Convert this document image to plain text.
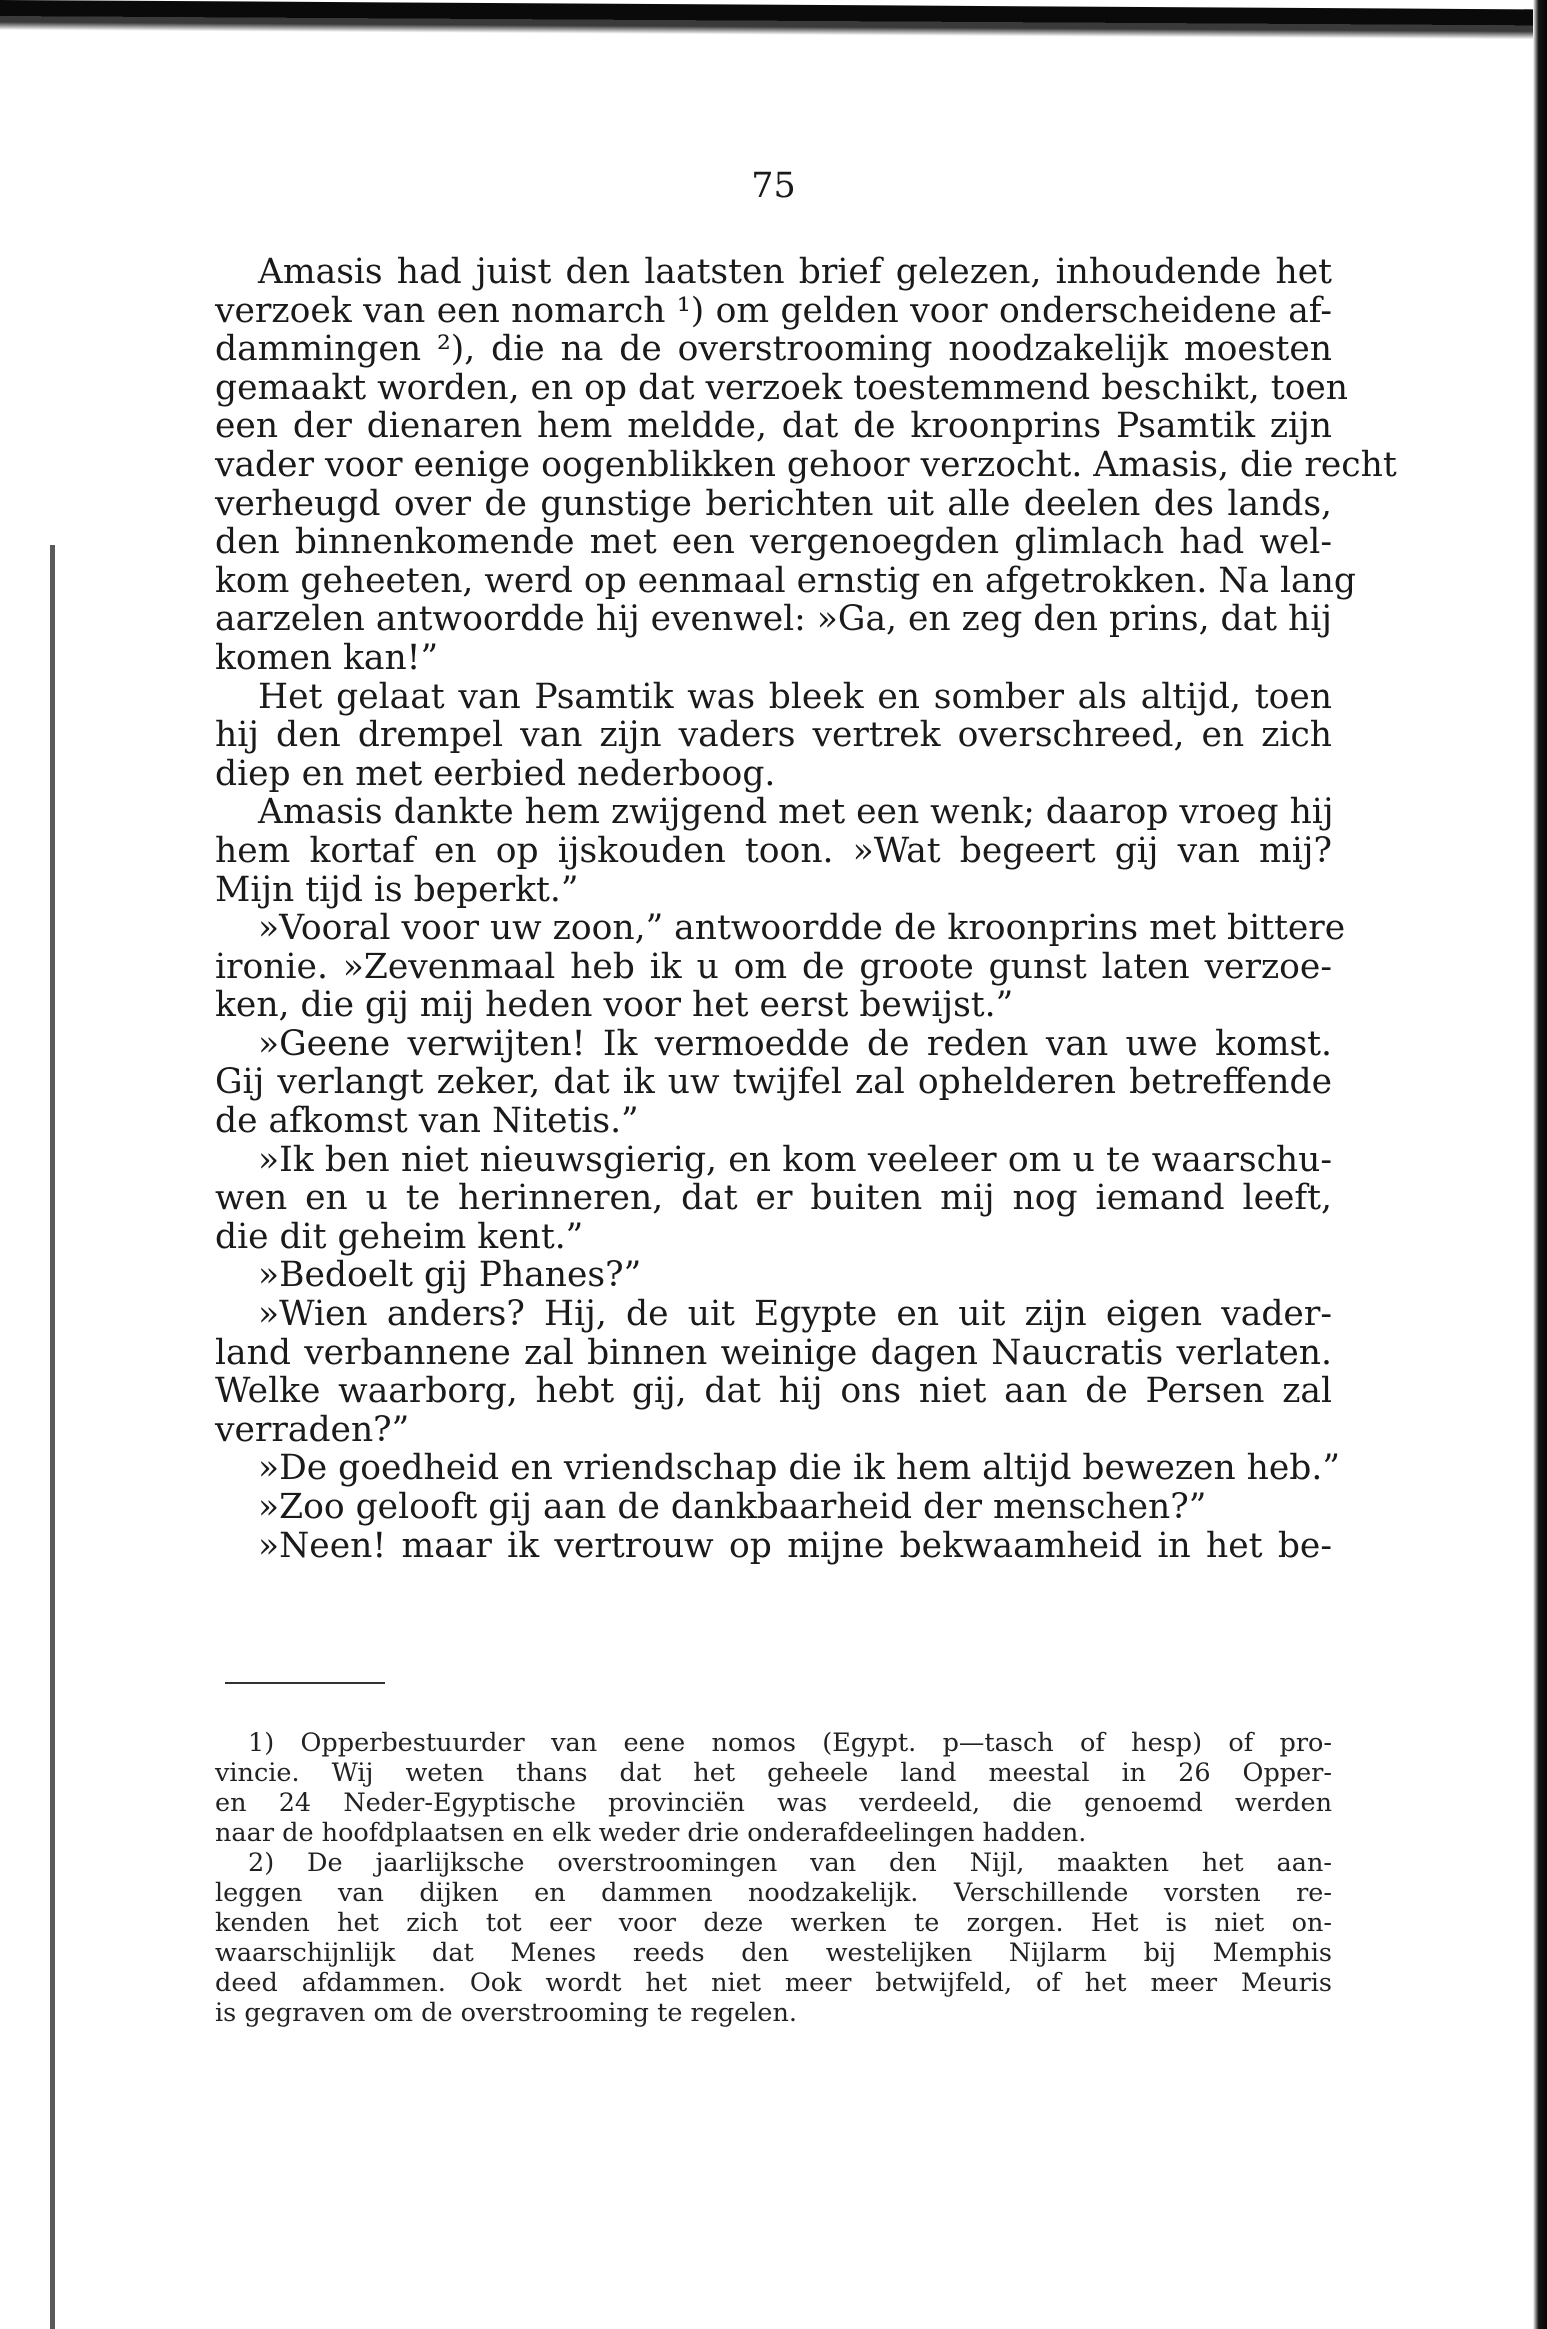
75
Amasis had juist den laatsten brief gelezen, inhoudende het
verzoek van een nomarch ¹) om gelden voor onderscheidene af-
dammingen ²), die na de overstrooming noodzakelijk moesten
gemaakt worden, en op dat verzoek toestemmend beschikt, toen
een der dienaren hem meldde, dat de kroonprins Psamtik zijn
vader voor eenige oogenblikken gehoor verzocht. Amasis, die recht
verheugd over de gunstige berichten uit alle deelen des lands,
den binnenkomende met een vergenoegden glimlach had wel-
kom geheeten, werd op eenmaal ernstig en afgetrokken. Na lang
aarzelen antwoordde hij evenwel: »Ga, en zeg den prins, dat hij
komen kan!”
Het gelaat van Psamtik was bleek en somber als altijd, toen
hij den drempel van zijn vaders vertrek overschreed, en zich
diep en met eerbied nederboog.
Amasis dankte hem zwijgend met een wenk; daarop vroeg hij
hem kortaf en op ijskouden toon. »Wat begeert gij van mij?
Mijn tijd is beperkt.”
»Vooral voor uw zoon,” antwoordde de kroonprins met bittere
ironie. »Zevenmaal heb ik u om de groote gunst laten verzoe-
ken, die gij mij heden voor het eerst bewijst.”
»Geene verwijten! Ik vermoedde de reden van uwe komst.
Gij verlangt zeker, dat ik uw twijfel zal ophelderen betreffende
de afkomst van Nitetis.”
»Ik ben niet nieuwsgierig, en kom veeleer om u te waarschu-
wen en u te herinneren, dat er buiten mij nog iemand leeft,
die dit geheim kent.”
»Bedoelt gij Phanes?”
»Wien anders? Hij, de uit Egypte en uit zijn eigen vader-
land verbannene zal binnen weinige dagen Naucratis verlaten.
Welke waarborg, hebt gij, dat hij ons niet aan de Persen zal
verraden?”
»De goedheid en vriendschap die ik hem altijd bewezen heb.”
»Zoo gelooft gij aan de dankbaarheid der menschen?”
»Neen! maar ik vertrouw op mijne bekwaamheid in het be-
1) Opperbestuurder van eene nomos (Egypt. p—tasch of hesp) of pro-
vincie. Wij weten thans dat het geheele land meestal in 26 Opper-
en 24 Neder-Egyptische provinciën was verdeeld, die genoemd werden
naar de hoofdplaatsen en elk weder drie onderafdeelingen hadden.
2) De jaarlijksche overstroomingen van den Nijl, maakten het aan-
leggen van dijken en dammen noodzakelijk. Verschillende vorsten re-
kenden het zich tot eer voor deze werken te zorgen. Het is niet on-
waarschijnlijk dat Menes reeds den westelijken Nijlarm bij Memphis
deed afdammen. Ook wordt het niet meer betwijfeld, of het meer Meuris
is gegraven om de overstrooming te regelen.
